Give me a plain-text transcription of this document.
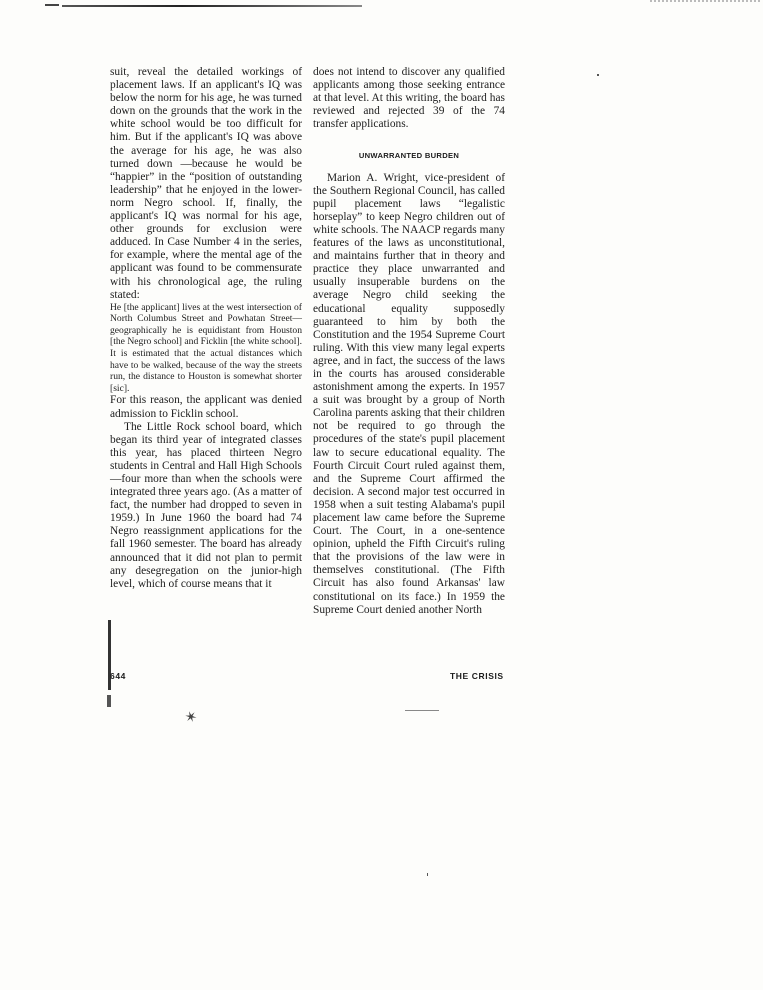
suit, reveal the detailed workings of placement laws. If an applicant's IQ was below the norm for his age, he was turned down on the grounds that the work in the white school would be too difficult for him. But if the applicant's IQ was above the average for his age, he was also turned down —because he would be “happier” in the “position of outstanding leadership” that he enjoyed in the lower-norm Negro school. If, finally, the applicant's IQ was normal for his age, other grounds for exclusion were adduced. In Case Number 4 in the series, for example, where the mental age of the applicant was found to be commensurate with his chronological age, the ruling stated:

He [the applicant] lives at the west intersection of North Columbus Street and Powhatan Street—geographically he is equidistant from Houston [the Negro school] and Ficklin [the white school]. It is estimated that the actual distances which have to be walked, because of the way the streets run, the distance to Houston is somewhat shorter [sic].

For this reason, the applicant was denied admission to Ficklin school.

The Little Rock school board, which began its third year of integrated classes this year, has placed thirteen Negro students in Central and Hall High Schools—four more than when the schools were integrated three years ago. (As a matter of fact, the number had dropped to seven in 1959.) In June 1960 the board had 74 Negro reassignment applications for the fall 1960 semester. The board has already announced that it did not plan to permit any desegregation on the junior-high level, which of course means that it

does not intend to discover any qualified applicants among those seeking entrance at that level. At this writing, the board has reviewed and rejected 39 of the 74 transfer applications.

UNWARRANTED BURDEN

Marion A. Wright, vice-president of the Southern Regional Council, has called pupil placement laws “legalistic horseplay” to keep Negro children out of white schools. The NAACP regards many features of the laws as unconstitutional, and maintains further that in theory and practice they place unwarranted and usually insuperable burdens on the average Negro child seeking the educational equality supposedly guaranteed to him by both the Constitution and the 1954 Supreme Court ruling. With this view many legal experts agree, and in fact, the success of the laws in the courts has aroused considerable astonishment among the experts. In 1957 a suit was brought by a group of North Carolina parents asking that their children not be required to go through the procedures of the state's pupil placement law to secure educational equality. The Fourth Circuit Court ruled against them, and the Supreme Court affirmed the decision. A second major test occurred in 1958 when a suit testing Alabama's pupil placement law came before the Supreme Court. The Court, in a one-sentence opinion, upheld the Fifth Circuit's ruling that the provisions of the law were in themselves constitutional. (The Fifth Circuit has also found Arkansas' law constitutional on its face.) In 1959 the Supreme Court denied another North

644	THE CRISIS
✶
